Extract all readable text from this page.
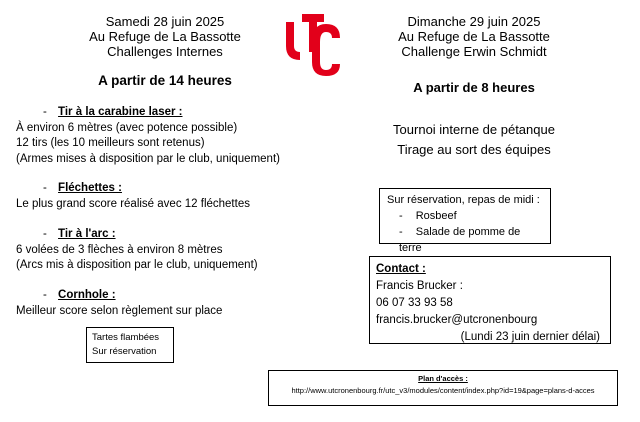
Samedi 28 juin 2025
Au Refuge de La Bassotte
Challenges Internes
A partir de 14 heures
Dimanche 29 juin 2025
Au Refuge de La Bassotte
Challenge Erwin Schmidt
A partir de 8 heures
- Tir à la carabine laser :
À environ 6 mètres (avec potence possible)
12 tirs (les 10 meilleurs sont retenus)
(Armes mises à disposition par le club, uniquement)
- Fléchettes :
Le plus grand score réalisé avec 12 fléchettes
- Tir à l'arc :
6 volées de 3 flèches à environ 8 mètres
(Arcs mis à disposition par le club, uniquement)
- Cornhole :
Meilleur score selon règlement sur place
Tartes flambées
Sur réservation
Tournoi interne de pétanque
Tirage au sort des équipes
Sur réservation, repas de midi :
- Rosbeef
- Salade de pomme de terre
Contact :
Francis Brucker :
06 07 33 93 58
francis.brucker@utcronenbourg
(Lundi 23 juin dernier délai)
Plan d'accès :
http://www.utcronenbourg.fr/utc_v3/modules/content/index.php?id=19&page=plans-d-acces
